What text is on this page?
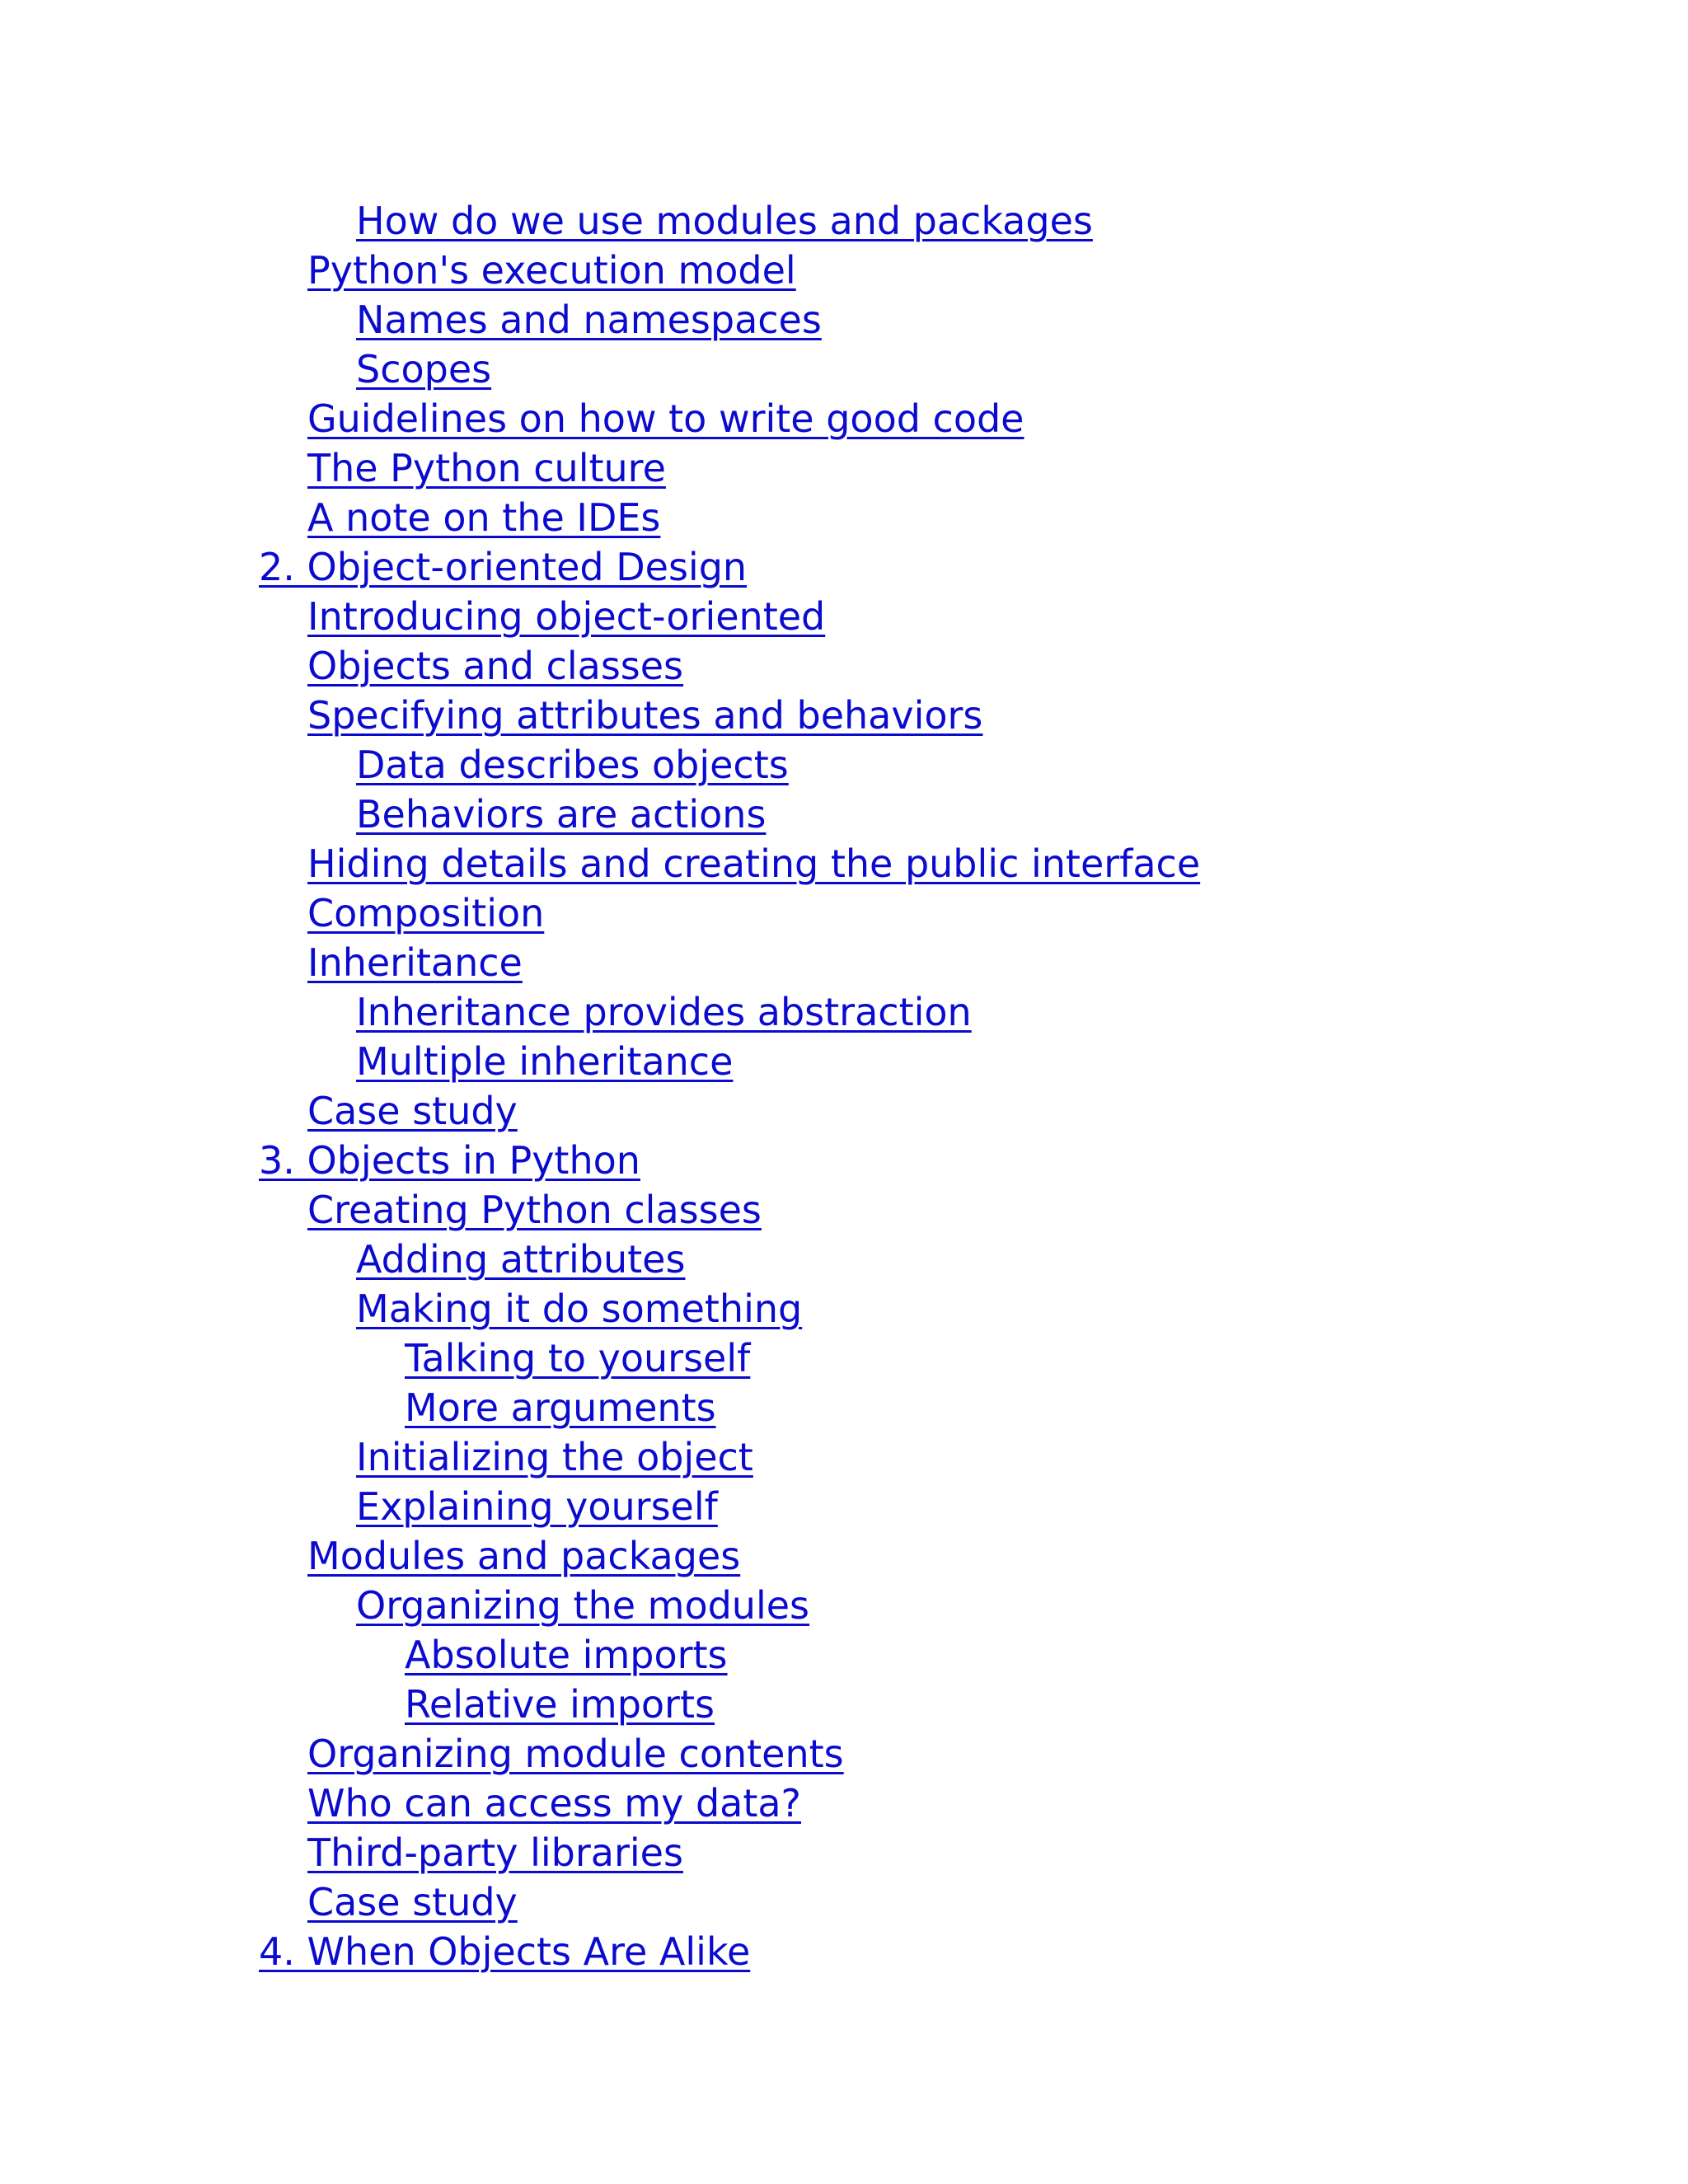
How do we use modules and packages
Python's execution model
Names and namespaces
Scopes
Guidelines on how to write good code
The Python culture
A note on the IDEs
2. Object-oriented Design
Introducing object-oriented
Objects and classes
Specifying attributes and behaviors
Data describes objects
Behaviors are actions
Hiding details and creating the public interface
Composition
Inheritance
Inheritance provides abstraction
Multiple inheritance
Case study
3. Objects in Python
Creating Python classes
Adding attributes
Making it do something
Talking to yourself
More arguments
Initializing the object
Explaining yourself
Modules and packages
Organizing the modules
Absolute imports
Relative imports
Organizing module contents
Who can access my data?
Third-party libraries
Case study
4. When Objects Are Alike
